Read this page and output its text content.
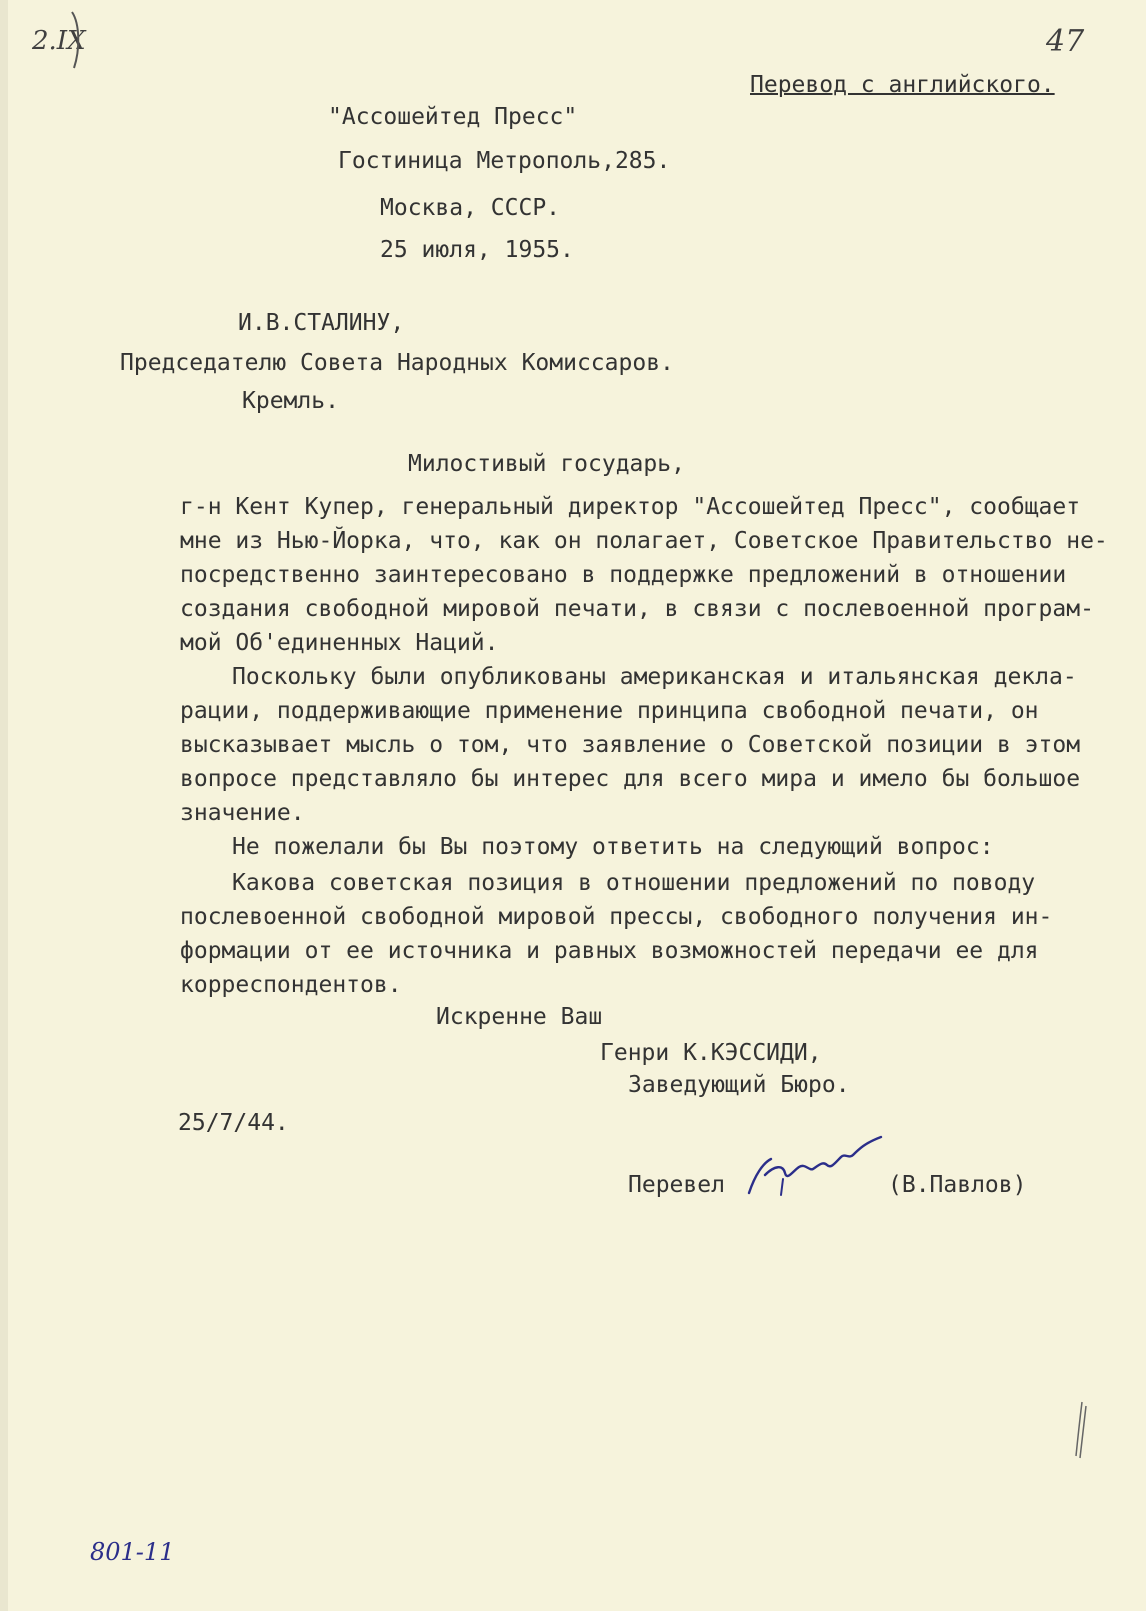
2.IX	47
Перевод с английского.
"Ассошейтед Пресс"
Гостиница Метрополь,285.
Москва, СССР.
25 июля, 1955.
И.В.СТАЛИНУ,
Председателю Совета Народных Комиссаров.
Кремль.
Милостивый государь,
г-н Кент Купер, генеральный директор "Ассошейтед Пресс", сообщает
мне из Нью-Йорка, что, как он полагает, Советское Правительство не-
посредственно заинтересовано в поддержке предложений в отношении
создания свободной мировой печати, в связи с послевоенной програм-
мой Об'единенных Наций.
Поскольку были опубликованы американская и итальянская декла-
рации, поддерживающие применение принципа свободной печати, он
высказывает мысль о том, что заявление о Советской позиции в этом
вопросе представляло бы интерес для всего мира и имело бы большое
значение.
Не пожелали бы Вы поэтому ответить на следующий вопрос:
Какова советская позиция в отношении предложений по поводу
послевоенной свободной мировой прессы, свободного получения ин-
формации от ее источника и равных возможностей передачи ее для
корреспондентов.
Искренне Ваш
Генри К.КЭССИДИ,
Заведующий Бюро.
25/7/44.
Перевел	(В.Павлов)
801-11
